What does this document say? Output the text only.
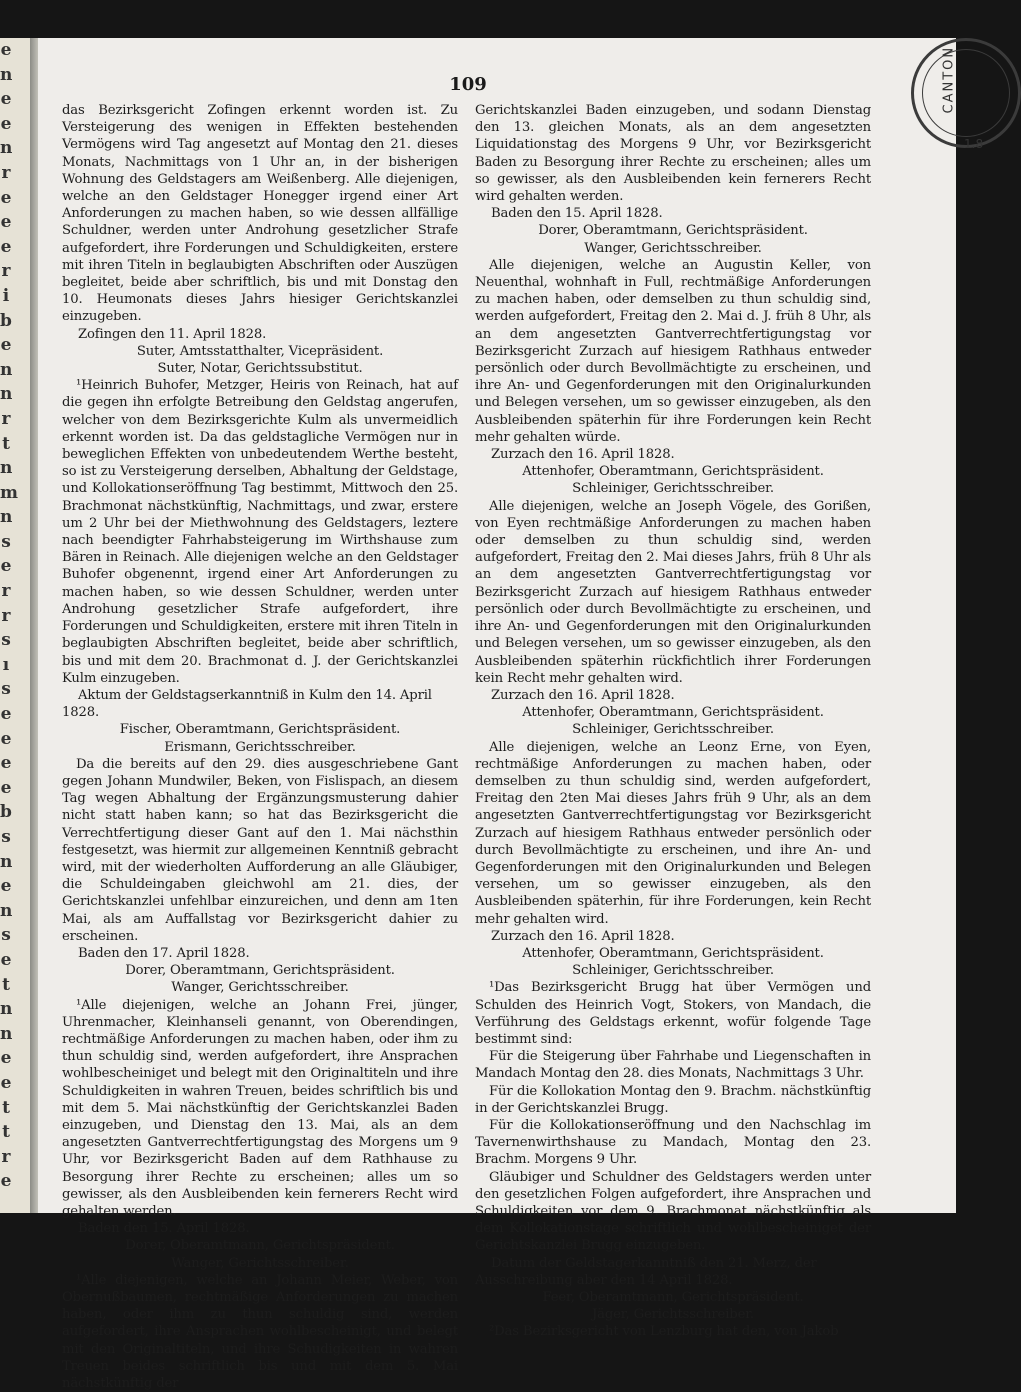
e
n
e
e
n
r
e
e
e
r
i
b
e
n
n
r
t
n
m
n
s
e
r
r
s
ı
s
e
e
e
e
b
s
n
e
n
s
e
t
n
n
e
e
t
t
r
e
109	CANTON
1.8

das Bezirksgericht Zofingen erkennt worden ist. Zu Versteigerung des wenigen in Effekten bestehenden Vermögens wird Tag angesetzt auf Montag den 21. dieses Monats, Nachmittags von 1 Uhr an, in der bisherigen Wohnung des Geldstagers am Weißenberg. Alle diejenigen, welche an den Geldstager Honegger irgend einer Art Anforderungen zu machen haben, so wie dessen allfällige Schuldner, werden unter Androhung gesetzlicher Strafe aufgefordert, ihre Forderungen und Schuldigkeiten, erstere mit ihren Titeln in beglaubigten Abschriften oder Auszügen begleitet, beide aber schriftlich, bis und mit Donstag den 10. Heumonats dieses Jahrs hiesiger Gerichtskanzlei einzugeben.

Zofingen den 11. April 1828.

Suter, Amtsstatthalter, Vicepräsident.

Suter, Notar, Gerichtssubstitut.

¹Heinrich Buhofer, Metzger, Heiris von Reinach, hat auf die gegen ihn erfolgte Betreibung den Geldstag angerufen, welcher von dem Bezirksgerichte Kulm als unvermeidlich erkennt worden ist. Da das geldstagliche Vermögen nur in beweglichen Effekten von unbedeutendem Werthe besteht, so ist zu Versteigerung derselben, Abhaltung der Geldstage, und Kollokationseröffnung Tag bestimmt, Mittwoch den 25. Brachmonat nächstkünftig, Nachmittags, und zwar, erstere um 2 Uhr bei der Miethwohnung des Geldstagers, leztere nach beendigter Fahrhabsteigerung im Wirthshause zum Bären in Reinach. Alle diejenigen welche an den Geldstager Buhofer obgenennt, irgend einer Art Anforderungen zu machen haben, so wie dessen Schuldner, werden unter Androhung gesetzlicher Strafe aufgefordert, ihre Forderungen und Schuldigkeiten, erstere mit ihren Titeln in beglaubigten Abschriften begleitet, beide aber schriftlich, bis und mit dem 20. Brachmonat d. J. der Gerichtskanzlei Kulm einzugeben.

Aktum der Geldstagserkanntniß in Kulm den 14. April 1828.

Fischer, Oberamtmann, Gerichtspräsident.

Erismann, Gerichtsschreiber.

Da die bereits auf den 29. dies ausgeschriebene Gant gegen Johann Mundwiler, Beken, von Fislispach, an diesem Tag wegen Abhaltung der Ergänzungsmusterung dahier nicht statt haben kann; so hat das Bezirksgericht die Verrechtfertigung dieser Gant auf den 1. Mai nächsthin festgesetzt, was hiermit zur allgemeinen Kenntniß gebracht wird, mit der wiederholten Aufforderung an alle Gläubiger, die Schuldeingaben gleichwohl am 21. dies, der Gerichtskanzlei unfehlbar einzureichen, und denn am 1ten Mai, als am Auffallstag vor Bezirksgericht dahier zu erscheinen.

Baden den 17. April 1828.

Dorer, Oberamtmann, Gerichtspräsident.

Wanger, Gerichtsschreiber.

¹Alle diejenigen, welche an Johann Frei, jünger, Uhrenmacher, Kleinhanseli genannt, von Oberendingen, rechtmäßige Anforderungen zu machen haben, oder ihm zu thun schuldig sind, werden aufgefordert, ihre Ansprachen wohlbescheiniget und belegt mit den Originaltiteln und ihre Schuldigkeiten in wahren Treuen, beides schriftlich bis und mit dem 5. Mai nächstkünftig der Gerichtskanzlei Baden einzugeben, und Dienstag den 13. Mai, als an dem angesetzten Gantverrechtfertigungstag des Morgens um 9 Uhr, vor Bezirksgericht Baden auf dem Rathhause zu Besorgung ihrer Rechte zu erscheinen; alles um so gewisser, als den Ausbleibenden kein fernerers Recht wird gehalten werden.

Baden den 15. April 1828.

Dorer, Oberamtmann, Gerichtspräsident.

Wanger, Gerichtsschreiber.

¹Alle diejenigen, welche an Johann Meier, Weber, von Obernußbaumen, rechtmäßige Anforderungen zu machen haben, oder ihm zu thun schuldig sind, werden aufgefordert, ihre Ansprachen wohlbescheinigt, und belegt mit den Originaltiteln, und ihre Schudigkeiten in wahren Treuen beides schriftlich bis und mit dem 5. Mai nächstkünftig der

Gerichtskanzlei Baden einzugeben, und sodann Dienstag den 13. gleichen Monats, als an dem angesetzten Liquidationstag des Morgens 9 Uhr, vor Bezirksgericht Baden zu Besorgung ihrer Rechte zu erscheinen; alles um so gewisser, als den Ausbleibenden kein fernerers Recht wird gehalten werden.

Baden den 15. April 1828.

Dorer, Oberamtmann, Gerichtspräsident.

Wanger, Gerichtsschreiber.

Alle diejenigen, welche an Augustin Keller, von Neuenthal, wohnhaft in Full, rechtmäßige Anforderungen zu machen haben, oder demselben zu thun schuldig sind, werden aufgefordert, Freitag den 2. Mai d. J. früh 8 Uhr, als an dem angesetzten Gantverrechtfertigungstag vor Bezirksgericht Zurzach auf hiesigem Rathhaus entweder persönlich oder durch Bevollmächtigte zu erscheinen, und ihre An- und Gegenforderungen mit den Originalurkunden und Belegen versehen, um so gewisser einzugeben, als den Ausbleibenden späterhin für ihre Forderungen kein Recht mehr gehalten würde.

Zurzach den 16. April 1828.

Attenhofer, Oberamtmann, Gerichtspräsident.

Schleiniger, Gerichtsschreiber.

Alle diejenigen, welche an Joseph Vögele, des Gorißen, von Eyen rechtmäßige Anforderungen zu machen haben oder demselben zu thun schuldig sind, werden aufgefordert, Freitag den 2. Mai dieses Jahrs, früh 8 Uhr als an dem angesetzten Gantverrechtfertigungstag vor Bezirksgericht Zurzach auf hiesigem Rathhaus entweder persönlich oder durch Bevollmächtigte zu erscheinen, und ihre An- und Gegenforderungen mit den Originalurkunden und Belegen versehen, um so gewisser einzugeben, als den Ausbleibenden späterhin rückfichtlich ihrer Forderungen kein Recht mehr gehalten wird.

Zurzach den 16. April 1828.

Attenhofer, Oberamtmann, Gerichtspräsident.

Schleiniger, Gerichtsschreiber.

Alle diejenigen, welche an Leonz Erne, von Eyen, rechtmäßige Anforderungen zu machen haben, oder demselben zu thun schuldig sind, werden aufgefordert, Freitag den 2ten Mai dieses Jahrs früh 9 Uhr, als an dem angesetzten Gantverrechtfertigungstag vor Bezirksgericht Zurzach auf hiesigem Rathhaus entweder persönlich oder durch Bevollmächtigte zu erscheinen, und ihre An- und Gegenforderungen mit den Originalurkunden und Belegen versehen, um so gewisser einzugeben, als den Ausbleibenden späterhin, für ihre Forderungen, kein Recht mehr gehalten wird.

Zurzach den 16. April 1828.

Attenhofer, Oberamtmann, Gerichtspräsident.

Schleiniger, Gerichtsschreiber.

¹Das Bezirksgericht Brugg hat über Vermögen und Schulden des Heinrich Vogt, Stokers, von Mandach, die Verführung des Geldstags erkennt, wofür folgende Tage bestimmt sind:

Für die Steigerung über Fahrhabe und Liegenschaften in Mandach Montag den 28. dies Monats, Nachmittags 3 Uhr.

Für die Kollokation Montag den 9. Brachm. nächstkünftig in der Gerichtskanzlei Brugg.

Für die Kollokationseröffnung und den Nachschlag im Tavernenwirthshause zu Mandach, Montag den 23. Brachm. Morgens 9 Uhr.

Gläubiger und Schuldner des Geldstagers werden unter den gesetzlichen Folgen aufgefordert, ihre Ansprachen und Schuldigkeiten vor dem 9. Brachmonat nächstkünftig als dem Kollokationstage schriftlich und wohlbescheiniget der Gerichtskanzlei Brugg einzugeben.

Datum der Geldstagerkanntniß den 21. Merz, der Ausschreibung aber den 14 April 1828.

Feer, Oberamtmann, Gerichtspräsident.

Jäger, Gerichtsschreiber.

²Das Bezirksgericht von Lenzburg hat den, von Jakob
